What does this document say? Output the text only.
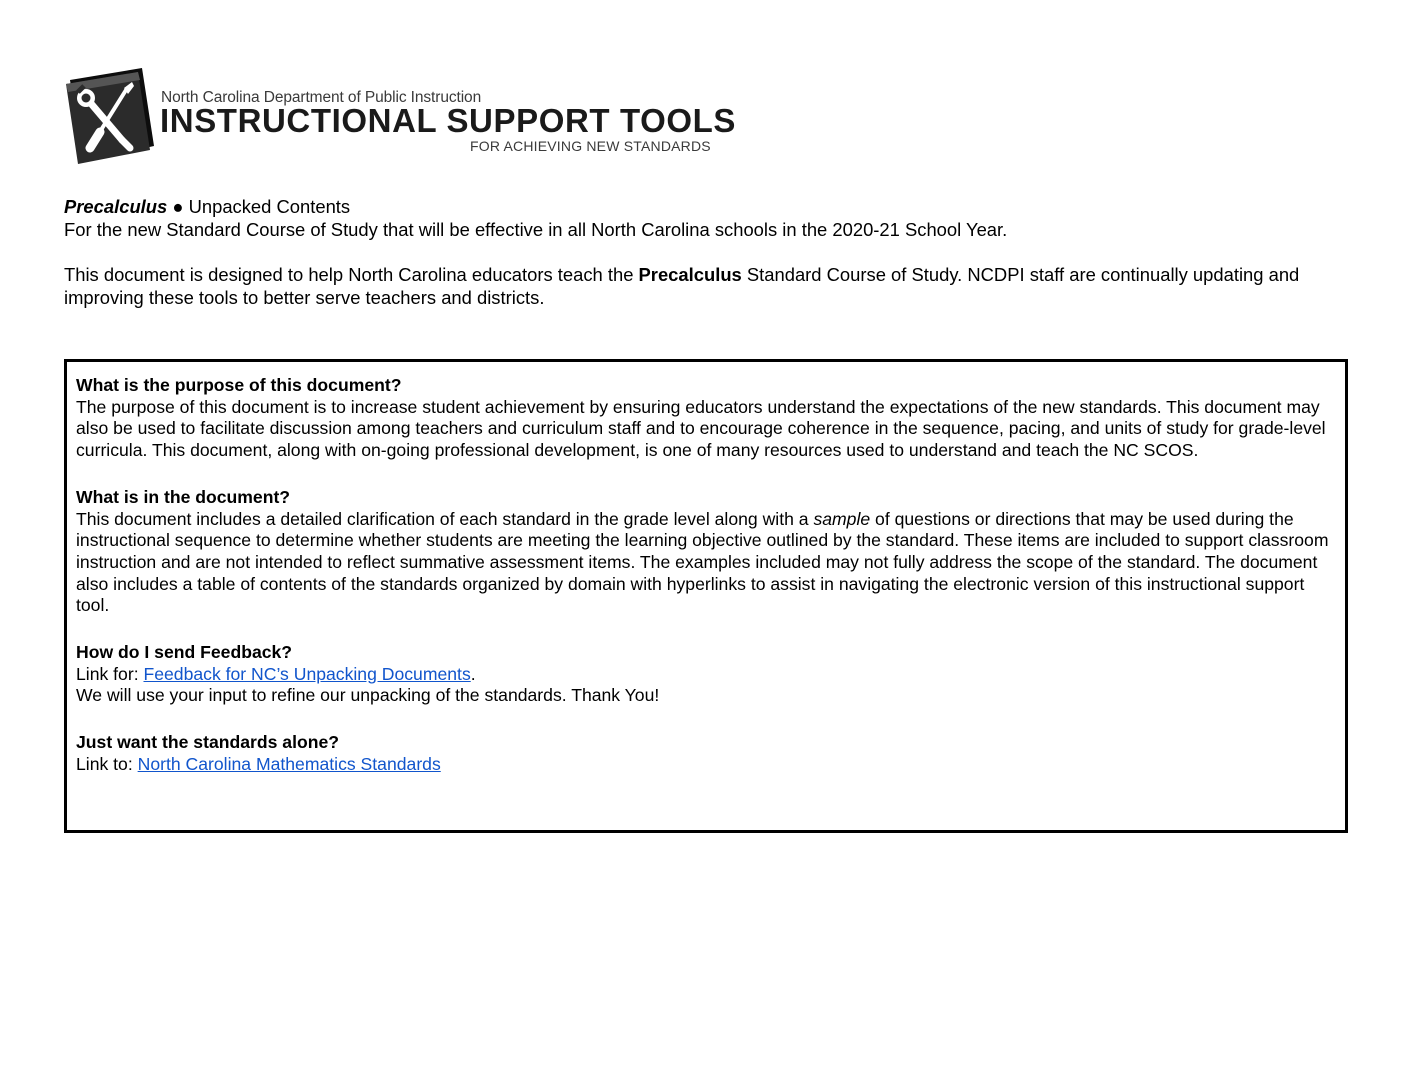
North Carolina Department of Public Instruction
INSTRUCTIONAL SUPPORT TOOLS
FOR ACHIEVING NEW STANDARDS

Precalculus ● Unpacked Contents

For the new Standard Course of Study that will be effective in all North Carolina schools in the 2020-21 School Year.

This document is designed to help North Carolina educators teach the Precalculus Standard Course of Study. NCDPI staff are continually updating and improving these tools to better serve teachers and districts.

What is the purpose of this document?

The purpose of this document is to increase student achievement by ensuring educators understand the expectations of the new standards. This document may also be used to facilitate discussion among teachers and curriculum staff and to encourage coherence in the sequence, pacing, and units of study for grade-level curricula. This document, along with on-going professional development, is one of many resources used to understand and teach the NC SCOS.

What is in the document?

This document includes a detailed clarification of each standard in the grade level along with a sample of questions or directions that may be used during the instructional sequence to determine whether students are meeting the learning objective outlined by the standard. These items are included to support classroom instruction and are not intended to reflect summative assessment items. The examples included may not fully address the scope of the standard. The document also includes a table of contents of the standards organized by domain with hyperlinks to assist in navigating the electronic version of this instructional support tool.

How do I send Feedback?

Link for: Feedback for NC’s Unpacking Documents.

We will use your input to refine our unpacking of the standards. Thank You!

Just want the standards alone?

Link to: North Carolina Mathematics Standards
